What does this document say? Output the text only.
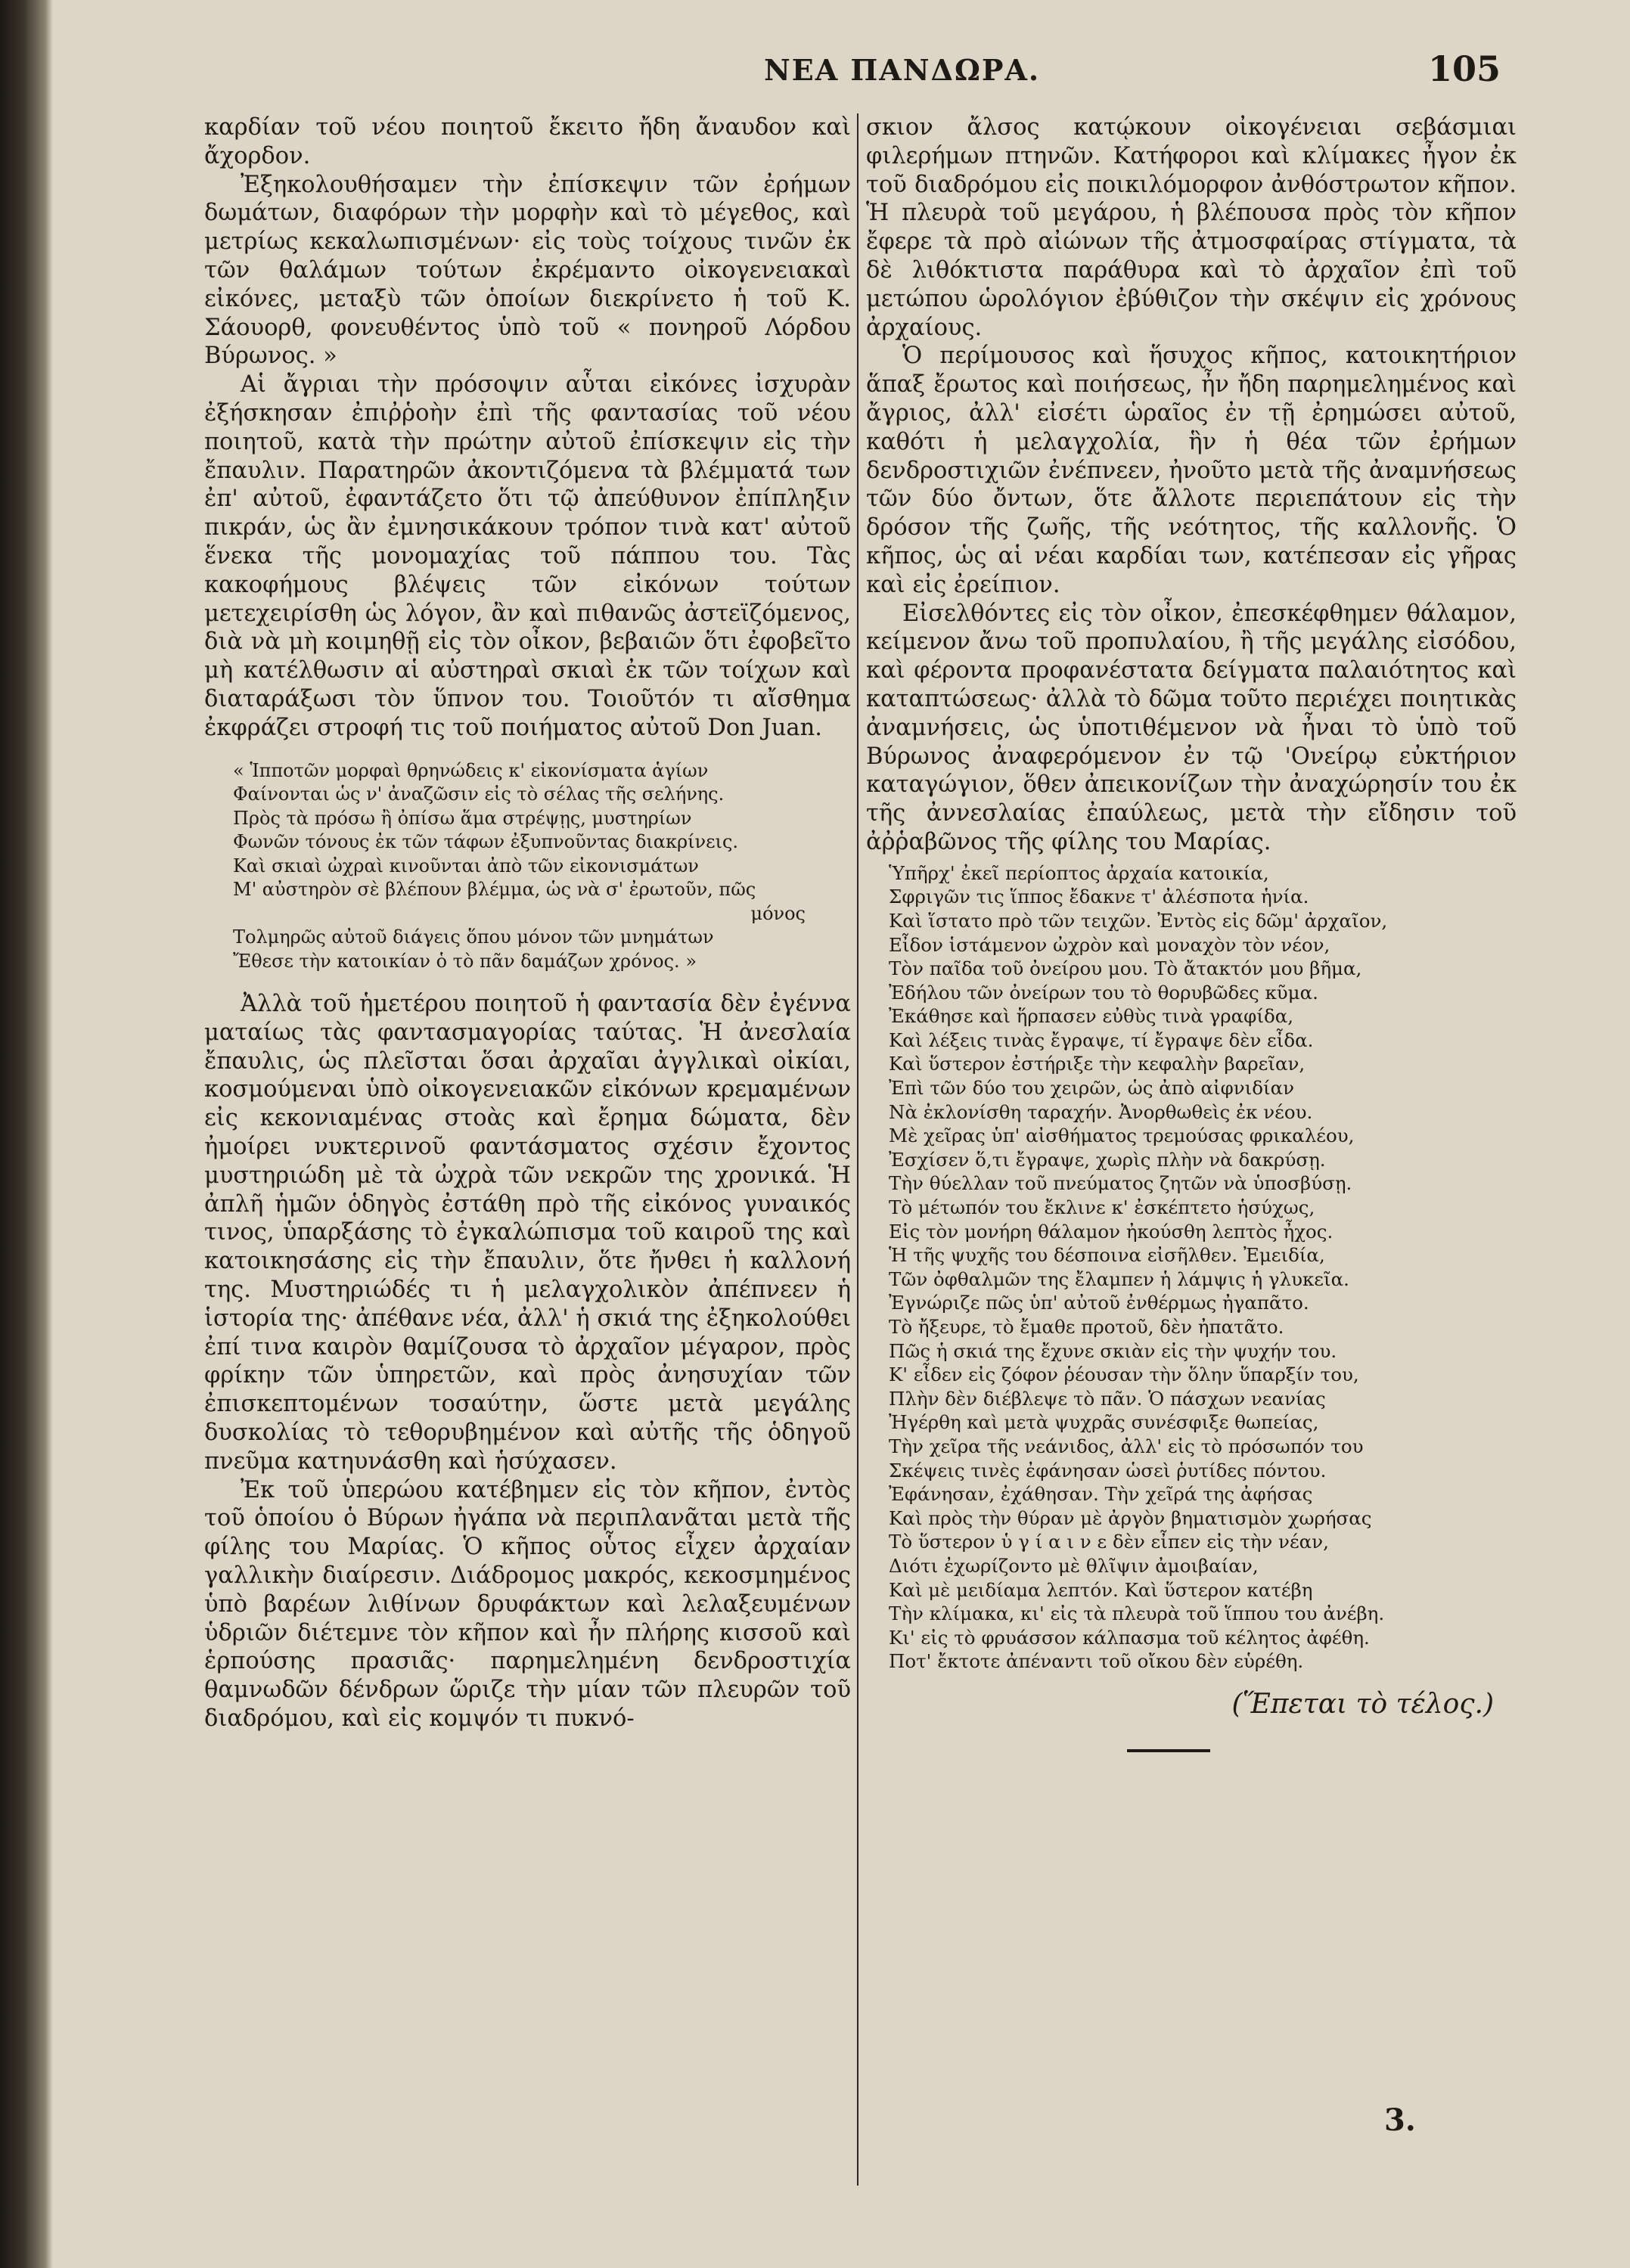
ΝΕΑ ΠΑΝΔΩΡΑ.	105

καρδίαν τοῦ νέου ποιητοῦ ἔκειτο ἤδη ἄναυδον καὶ ἄχορδον.

Ἐξηκολουθήσαμεν τὴν ἐπίσκεψιν τῶν ἐρήμων δωμάτων, διαφόρων τὴν μορφὴν καὶ τὸ μέγεθος, καὶ μετρίως κεκαλωπισμένων· εἰς τοὺς τοίχους τινῶν ἐκ τῶν θαλάμων τούτων ἐκρέμαντο οἰκογενειακαὶ εἰκόνες, μεταξὺ τῶν ὁποίων διεκρίνετο ἡ τοῦ Κ. Σάουορθ, φονευθέντος ὑπὸ τοῦ « πονηροῦ Λόρδου Βύρωνος. »

Αἱ ἄγριαι τὴν πρόσοψιν αὗται εἰκόνες ἰσχυρὰν ἐξήσκησαν ἐπιῤῥοὴν ἐπὶ τῆς φαντασίας τοῦ νέου ποιητοῦ, κατὰ τὴν πρώτην αὐτοῦ ἐπίσκεψιν εἰς τὴν ἔπαυλιν. Παρατηρῶν ἀκοντιζόμενα τὰ βλέμματά των ἐπ' αὐτοῦ, ἐφαντάζετο ὅτι τῷ ἀπεύθυνον ἐπίπληξιν πικράν, ὡς ἂν ἐμνησικάκουν τρόπον τινὰ κατ' αὐτοῦ ἕνεκα τῆς μονομαχίας τοῦ πάππου του. Τὰς κακοφήμους βλέψεις τῶν εἰκόνων τούτων μετεχειρίσθη ὡς λόγον, ἂν καὶ πιθανῶς ἀστεϊζόμενος, διὰ νὰ μὴ κοιμηθῇ εἰς τὸν οἶκον, βεβαιῶν ὅτι ἐφοβεῖτο μὴ κατέλθωσιν αἱ αὐστηραὶ σκιαὶ ἐκ τῶν τοίχων καὶ διαταράξωσι τὸν ὕπνον του. Τοιοῦτόν τι αἴσθημα ἐκφράζει στροφή τις τοῦ ποιήματος αὐτοῦ Don Juan.

« Ἱπποτῶν μορφαὶ θρηνώδεις κ' εἰκονίσματα ἁγίων
Φαίνονται ὡς ν' ἀναζῶσιν εἰς τὸ σέλας τῆς σελήνης.
Πρὸς τὰ πρόσω ἢ ὀπίσω ἅμα στρέψῃς, μυστηρίων
Φωνῶν τόνους ἐκ τῶν τάφων ἐξυπνοῦντας διακρίνεις.
Καὶ σκιαὶ ὠχραὶ κινοῦνται ἀπὸ τῶν εἰκονισμάτων
Μ' αὐστηρὸν σὲ βλέπουν βλέμμα, ὡς νὰ σ' ἐρωτοῦν, πῶς
μόνος
Τολμηρῶς αὐτοῦ διάγεις ὅπου μόνον τῶν μνημάτων
Ἔθεσε τὴν κατοικίαν ὁ τὸ πᾶν δαμάζων χρόνος. »

Ἀλλὰ τοῦ ἡμετέρου ποιητοῦ ἡ φαντασία δὲν ἐγέννα ματαίως τὰς φαντασμαγορίας ταύτας. Ἡ ἀνεσλαία ἔπαυλις, ὡς πλεῖσται ὅσαι ἀρχαῖαι ἀγγλικαὶ οἰκίαι, κοσμούμεναι ὑπὸ οἰκογενειακῶν εἰκόνων κρεμαμένων εἰς κεκονιαμένας στοὰς καὶ ἔρημα δώματα, δὲν ἠμοίρει νυκτερινοῦ φαντάσματος σχέσιν ἔχοντος μυστηριώδη μὲ τὰ ὠχρὰ τῶν νεκρῶν της χρονικά. Ἡ ἀπλῆ ἡμῶν ὁδηγὸς ἐστάθη πρὸ τῆς εἰκόνος γυναικός τινος, ὑπαρξάσης τὸ ἐγκαλώπισμα τοῦ καιροῦ της καὶ κατοικησάσης εἰς τὴν ἔπαυλιν, ὅτε ἤνθει ἡ καλλονή της. Μυστηριώδές τι ἡ μελαγχολικὸν ἀπέπνεεν ἡ ἱστορία της· ἀπέθανε νέα, ἀλλ' ἡ σκιά της ἐξηκολούθει ἐπί τινα καιρὸν θαμίζουσα τὸ ἀρχαῖον μέγαρον, πρὸς φρίκην τῶν ὑπηρετῶν, καὶ πρὸς ἀνησυχίαν τῶν ἐπισκεπτομένων τοσαύτην, ὥστε μετὰ μεγάλης δυσκολίας τὸ τεθορυβημένον καὶ αὐτῆς τῆς ὁδηγοῦ πνεῦμα κατηυνάσθη καὶ ἡσύχασεν.

Ἐκ τοῦ ὑπερώου κατέβημεν εἰς τὸν κῆπον, ἐντὸς τοῦ ὁποίου ὁ Βύρων ἠγάπα νὰ περιπλανᾶται μετὰ τῆς φίλης του Μαρίας. Ὁ κῆπος οὗτος εἶχεν ἀρχαίαν γαλλικὴν διαίρεσιν. Διάδρομος μακρός, κεκοσμημένος ὑπὸ βαρέων λιθίνων δρυφάκτων καὶ λελαξευμένων ὑδριῶν διέτεμνε τὸν κῆπον καὶ ἦν πλήρης κισσοῦ καὶ ἑρπούσης πρασιᾶς· παρημελημένη δενδροστιχία θαμνωδῶν δένδρων ὥριζε τὴν μίαν τῶν πλευρῶν τοῦ διαδρόμου, καὶ εἰς κομψόν τι πυκνό-

σκιον ἄλσος κατῴκουν οἰκογένειαι σεβάσμιαι φιλερήμων πτηνῶν. Κατήφοροι καὶ κλίμακες ἦγον ἐκ τοῦ διαδρόμου εἰς ποικιλόμορφον ἀνθόστρωτον κῆπον. Ἡ πλευρὰ τοῦ μεγάρου, ἡ βλέπουσα πρὸς τὸν κῆπον ἔφερε τὰ πρὸ αἰώνων τῆς ἀτμοσφαίρας στίγματα, τὰ δὲ λιθόκτιστα παράθυρα καὶ τὸ ἀρχαῖον ἐπὶ τοῦ μετώπου ὡρολόγιον ἐβύθιζον τὴν σκέψιν εἰς χρόνους ἀρχαίους.

Ὁ περίμουσος καὶ ἥσυχος κῆπος, κατοικητήριον ἅπαξ ἔρωτος καὶ ποιήσεως, ἦν ἤδη παρημελημένος καὶ ἄγριος, ἀλλ' εἰσέτι ὡραῖος ἐν τῇ ἐρημώσει αὐτοῦ, καθότι ἡ μελαγχολία, ἣν ἡ θέα τῶν ἐρήμων δενδροστιχιῶν ἐνέπνεεν, ἠνοῦτο μετὰ τῆς ἀναμνήσεως τῶν δύο ὄντων, ὅτε ἄλλοτε περιεπάτουν εἰς τὴν δρόσον τῆς ζωῆς, τῆς νεότητος, τῆς καλλονῆς. Ὁ κῆπος, ὡς αἱ νέαι καρδίαι των, κατέπεσαν εἰς γῆρας καὶ εἰς ἐρείπιον.

Εἰσελθόντες εἰς τὸν οἶκον, ἐπεσκέφθημεν θάλαμον, κείμενον ἄνω τοῦ προπυλαίου, ἢ τῆς μεγάλης εἰσόδου, καὶ φέροντα προφανέστατα δείγματα παλαιότητος καὶ καταπτώσεως· ἀλλὰ τὸ δῶμα τοῦτο περιέχει ποιητικὰς ἀναμνήσεις, ὡς ὑποτιθέμενον νὰ ἦναι τὸ ὑπὸ τοῦ Βύρωνος ἀναφερόμενον ἐν τῷ 'Ονείρῳ εὐκτήριον καταγώγιον, ὅθεν ἀπεικονίζων τὴν ἀναχώρησίν του ἐκ τῆς ἀννεσλαίας ἐπαύλεως, μετὰ τὴν εἴδησιν τοῦ ἀῤῥαβῶνος τῆς φίλης του Μαρίας.

Ὑπῆρχ' ἐκεῖ περίοπτος ἀρχαία κατοικία,
Σφριγῶν τις ἵππος ἔδακνε τ' ἀλέσποτα ἡνία.
Καὶ ἵστατο πρὸ τῶν τειχῶν. Ἐντὸς εἰς δῶμ' ἀρχαῖον,
Εἶδον ἱστάμενον ὠχρὸν καὶ μοναχὸν τὸν νέον,
Τὸν παῖδα τοῦ ὀνείρου μου. Τὸ ἄτακτόν μου βῆμα,
Ἐδήλου τῶν ὀνείρων του τὸ θορυβῶδες κῦμα.
Ἐκάθησε καὶ ἥρπασεν εὐθὺς τινὰ γραφίδα,
Καὶ λέξεις τινὰς ἔγραψε, τί ἔγραψε δὲν εἶδα.
Καὶ ὕστερον ἐστήριξε τὴν κεφαλὴν βαρεῖαν,
Ἐπὶ τῶν δύο του χειρῶν, ὡς ἀπὸ αἰφνιδίαν
Νὰ ἐκλονίσθη ταραχήν. Ἀνορθωθεὶς ἐκ νέου.
Μὲ χεῖρας ὑπ' αἰσθήματος τρεμούσας φρικαλέου,
Ἐσχίσεν ὅ,τι ἔγραψε, χωρὶς πλὴν νὰ δακρύσῃ.
Τὴν θύελλαν τοῦ πνεύματος ζητῶν νὰ ὑποσβύσῃ.
Τὸ μέτωπόν του ἔκλινε κ' ἐσκέπτετο ἡσύχως,
Εἰς τὸν μονήρη θάλαμον ἠκούσθη λεπτὸς ἦχος.
Ἡ τῆς ψυχῆς του δέσποινα εἰσῆλθεν. Ἐμειδία,
Τῶν ὀφθαλμῶν της ἔλαμπεν ἡ λάμψις ἡ γλυκεῖα.
Ἐγνώριζε πῶς ὑπ' αὐτοῦ ἐνθέρμως ἠγαπᾶτο.
Τὸ ἤξευρε, τὸ ἔμαθε προτοῦ, δὲν ἠπατᾶτο.
Πῶς ἡ σκιά της ἔχυνε σκιὰν εἰς τὴν ψυχήν του.
Κ' εἶδεν εἰς ζόφον ῥέουσαν τὴν ὅλην ὕπαρξίν του,
Πλὴν δὲν διέβλεψε τὸ πᾶν. Ὁ πάσχων νεανίας
Ἠγέρθη καὶ μετὰ ψυχρᾶς συνέσφιξε θωπείας,
Τὴν χεῖρα τῆς νεάνιδος, ἀλλ' εἰς τὸ πρόσωπόν του
Σκέψεις τινὲς ἐφάνησαν ὡσεὶ ῥυτίδες πόντου.
Ἐφάνησαν, ἐχάθησαν. Τὴν χεῖρά της ἀφήσας
Καὶ πρὸς τὴν θύραν μὲ ἀργὸν βηματισμὸν χωρήσας
Τὸ ὕστερον ὑ γ ί α ι ν ε δὲν εἶπεν εἰς τὴν νέαν,
Διότι ἐχωρίζοντο μὲ θλῖψιν ἀμοιβαίαν,
Καὶ μὲ μειδίαμα λεπτόν. Καὶ ὕστερον κατέβη
Τὴν κλίμακα, κι' εἰς τὰ πλευρὰ τοῦ ἵππου του ἀνέβη.
Κι' εἰς τὸ φρυάσσον κάλπασμα τοῦ κέλητος ἀφέθη.
Ποτ' ἔκτοτε ἀπέναντι τοῦ οἴκου δὲν εὑρέθη.
(Ἕπεται τὸ τέλος.)
3.
